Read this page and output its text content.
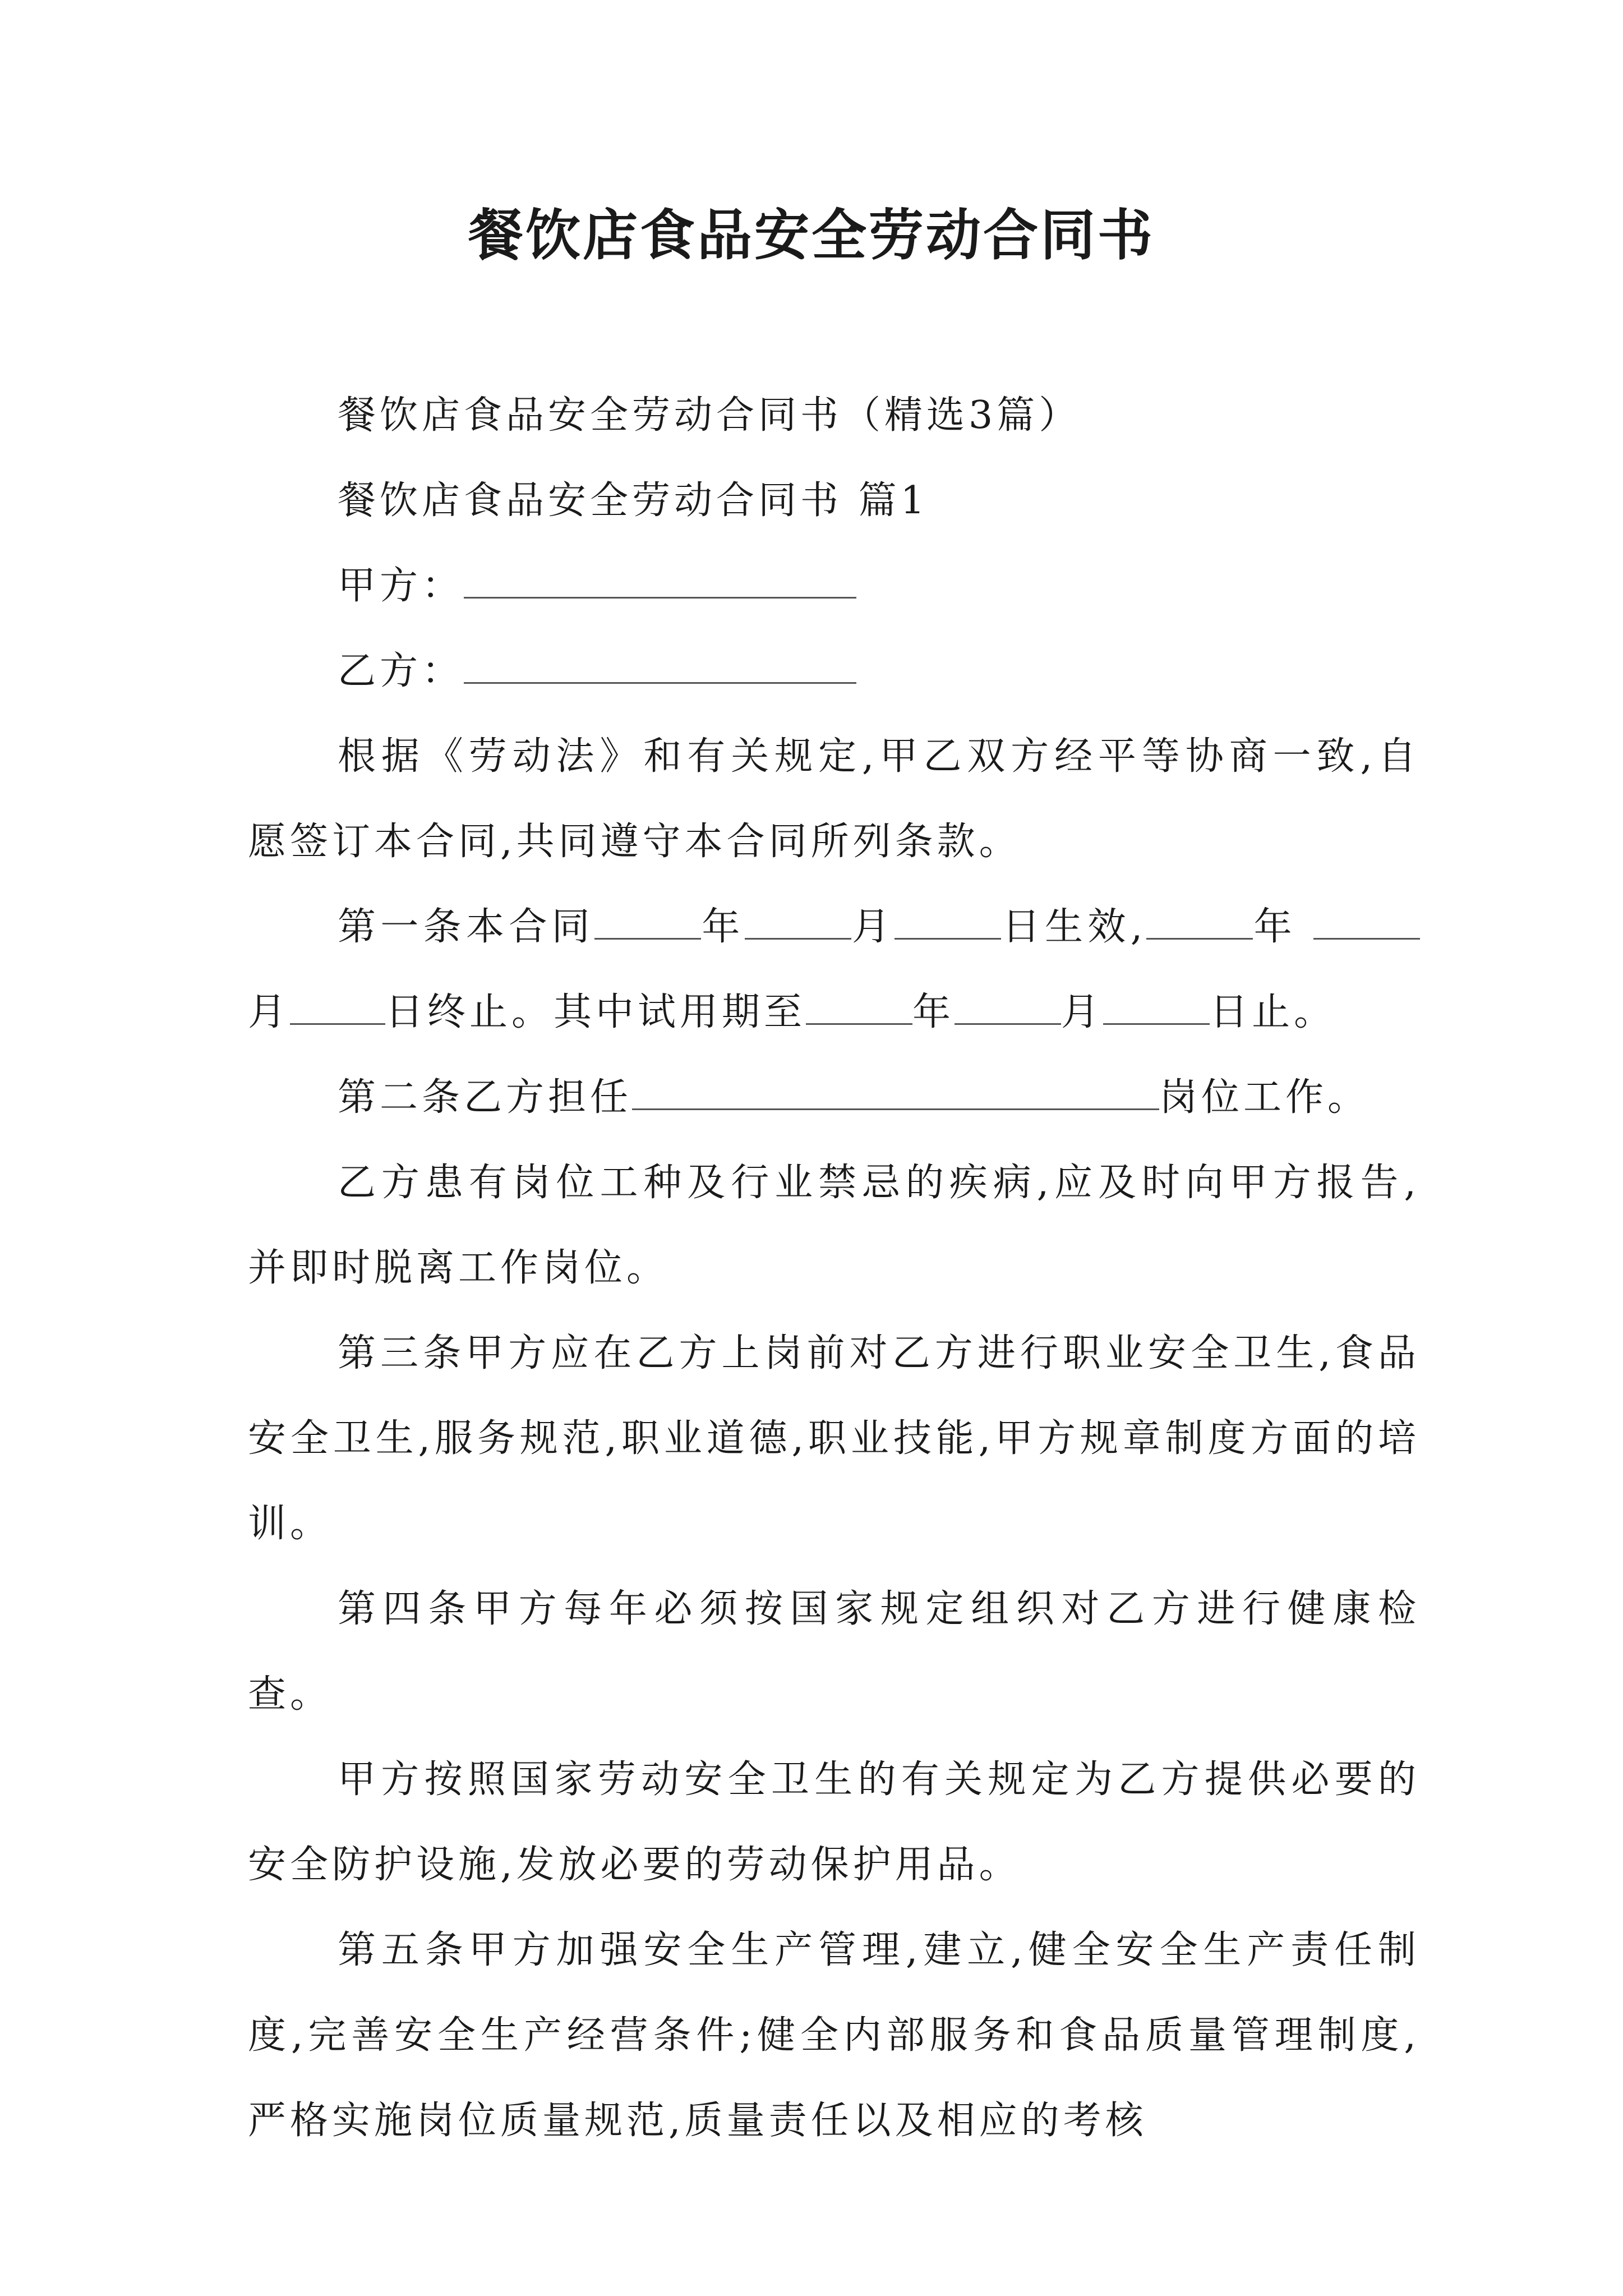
餐饮店食品安全劳动合同书

餐饮店食品安全劳动合同书（精选3篇）

餐饮店食品安全劳动合同书 篇1

甲方：
乙方：

根据《劳动法》和有关规定,甲乙双方经平等协商一致,自愿签订本合同,共同遵守本合同所列条款。

第一条本合同	年	月	日生效,	年 月	日终止。其中试用期至	年	月	日止。

第二条乙方担任	岗位工作。

乙方患有岗位工种及行业禁忌的疾病,应及时向甲方报告,并即时脱离工作岗位。

第三条甲方应在乙方上岗前对乙方进行职业安全卫生,食品安全卫生,服务规范,职业道德,职业技能,甲方规章制度方面的培训。

第四条甲方每年必须按国家规定组织对乙方进行健康检查。

甲方按照国家劳动安全卫生的有关规定为乙方提供必要的安全防护设施,发放必要的劳动保护用品。

第五条甲方加强安全生产管理,建立,健全安全生产责任制度,完善安全生产经营条件;健全内部服务和食品质量管理制度,严格实施岗位质量规范,质量责任以及相应的考核
